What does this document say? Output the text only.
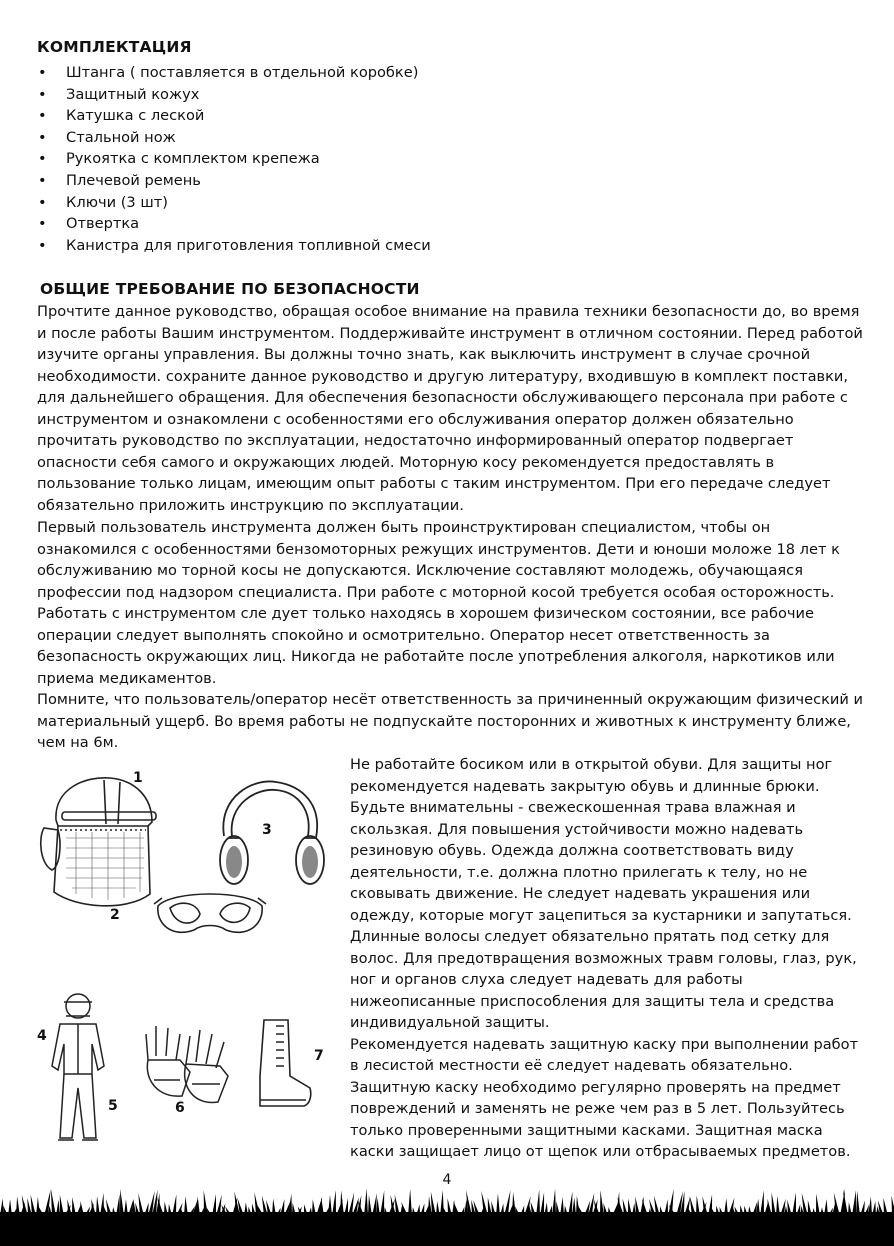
КОМПЛЕКТАЦИЯ
• Штанга ( поставляется в отдельной коробке)
• Защитный кожух
• Катушка с леской
• Стальной нож
• Рукоятка с комплектом крепежа
• Плечевой ремень
• Ключи (3 шт)
• Отвертка
• Канистра для приготовления топливной смеси
ОБЩИЕ ТРЕБОВАНИЕ ПО БЕЗОПАСНОСТИ

Прочтите данное руководство, обращая особое внимание на правила техники безопасности до, во время и после работы Вашим инструментом. Поддерживайте инструмент в отличном состоянии. Перед работой изучите органы управления. Вы должны точно знать, как выключить инструмент в случае срочной необходимости. сохраните данное руководство и другую литературу, входившую в комплект поставки, для дальнейшего обращения. Для обеспечения безопасности обслуживающего персонала при работе с инструментом и ознакомлени с особенностями его обслуживания оператор должен обязательно прочитать руководство по эксплуатации, недостаточно информированный оператор подвергает опасности себя самого и окружающих людей. Моторную косу рекомендуется предоставлять в пользование только лицам, имеющим опыт работы с таким инструментом. При его передаче следует обязательно приложить инструкцию по эксплуатации.

Первый пользователь инструмента должен быть проинструктирован специалистом, чтобы он ознакомился с особенностями бензомоторных режущих инструментов. Дети и юноши моложе 18 лет к обслуживанию мо торной косы не допускаются. Исключение составляют молодежь, обучающаяся профессии под надзором специалиста. При работе с моторной косой требуется особая осторожность. Работать с инструментом сле дует только находясь в хорошем физическом состоянии, все рабочие операции следует выполнять спокойно и осмотрительно. Оператор несет ответственность за безопасность окружающих лиц. Никогда не работайте после употребления алкоголя, наркотиков или приема медикаментов.

Помните, что пользователь/оператор несёт ответственность за причиненный окружающим физический и материальный ущерб. Во время работы не подпускайте посторонних и животных к инструменту ближе, чем на 6м.

Не работайте босиком или в открытой обуви. Для защиты ног рекомендуется надевать закрытую обувь и длинные брюки. Будьте внимательны - свежескошенная трава влажная и скользкая. Для повышения устойчивости можно надевать резиновую обувь. Одежда должна соответствовать виду деятельности, т.е. должна плотно прилегать к телу, но не сковывать движение. Не следует надевать украшения или одежду, которые могут зацепиться за кустарники и запутаться. Длинные волосы следует обязательно прятать под сетку для волос. Для предотвращения возможных травм головы, глаз, рук, ног и органов слуха следует надевать для работы нижеописанные приспособления для защиты тела и средства индивидуальной защиты.

Рекомендуется надевать защитную каску при выполнении работ в лесистой местности её следует надевать обязательно. Защитную каску необходимо регулярно проверять на предмет повреждений и заменять не реже чем раз в 5 лет. Пользуйтесь только проверенными защитными касками. Защитная маска каски защищает лицо от щепок или отбрасываемых предметов.

1
2
3
4
5	6
7
4
